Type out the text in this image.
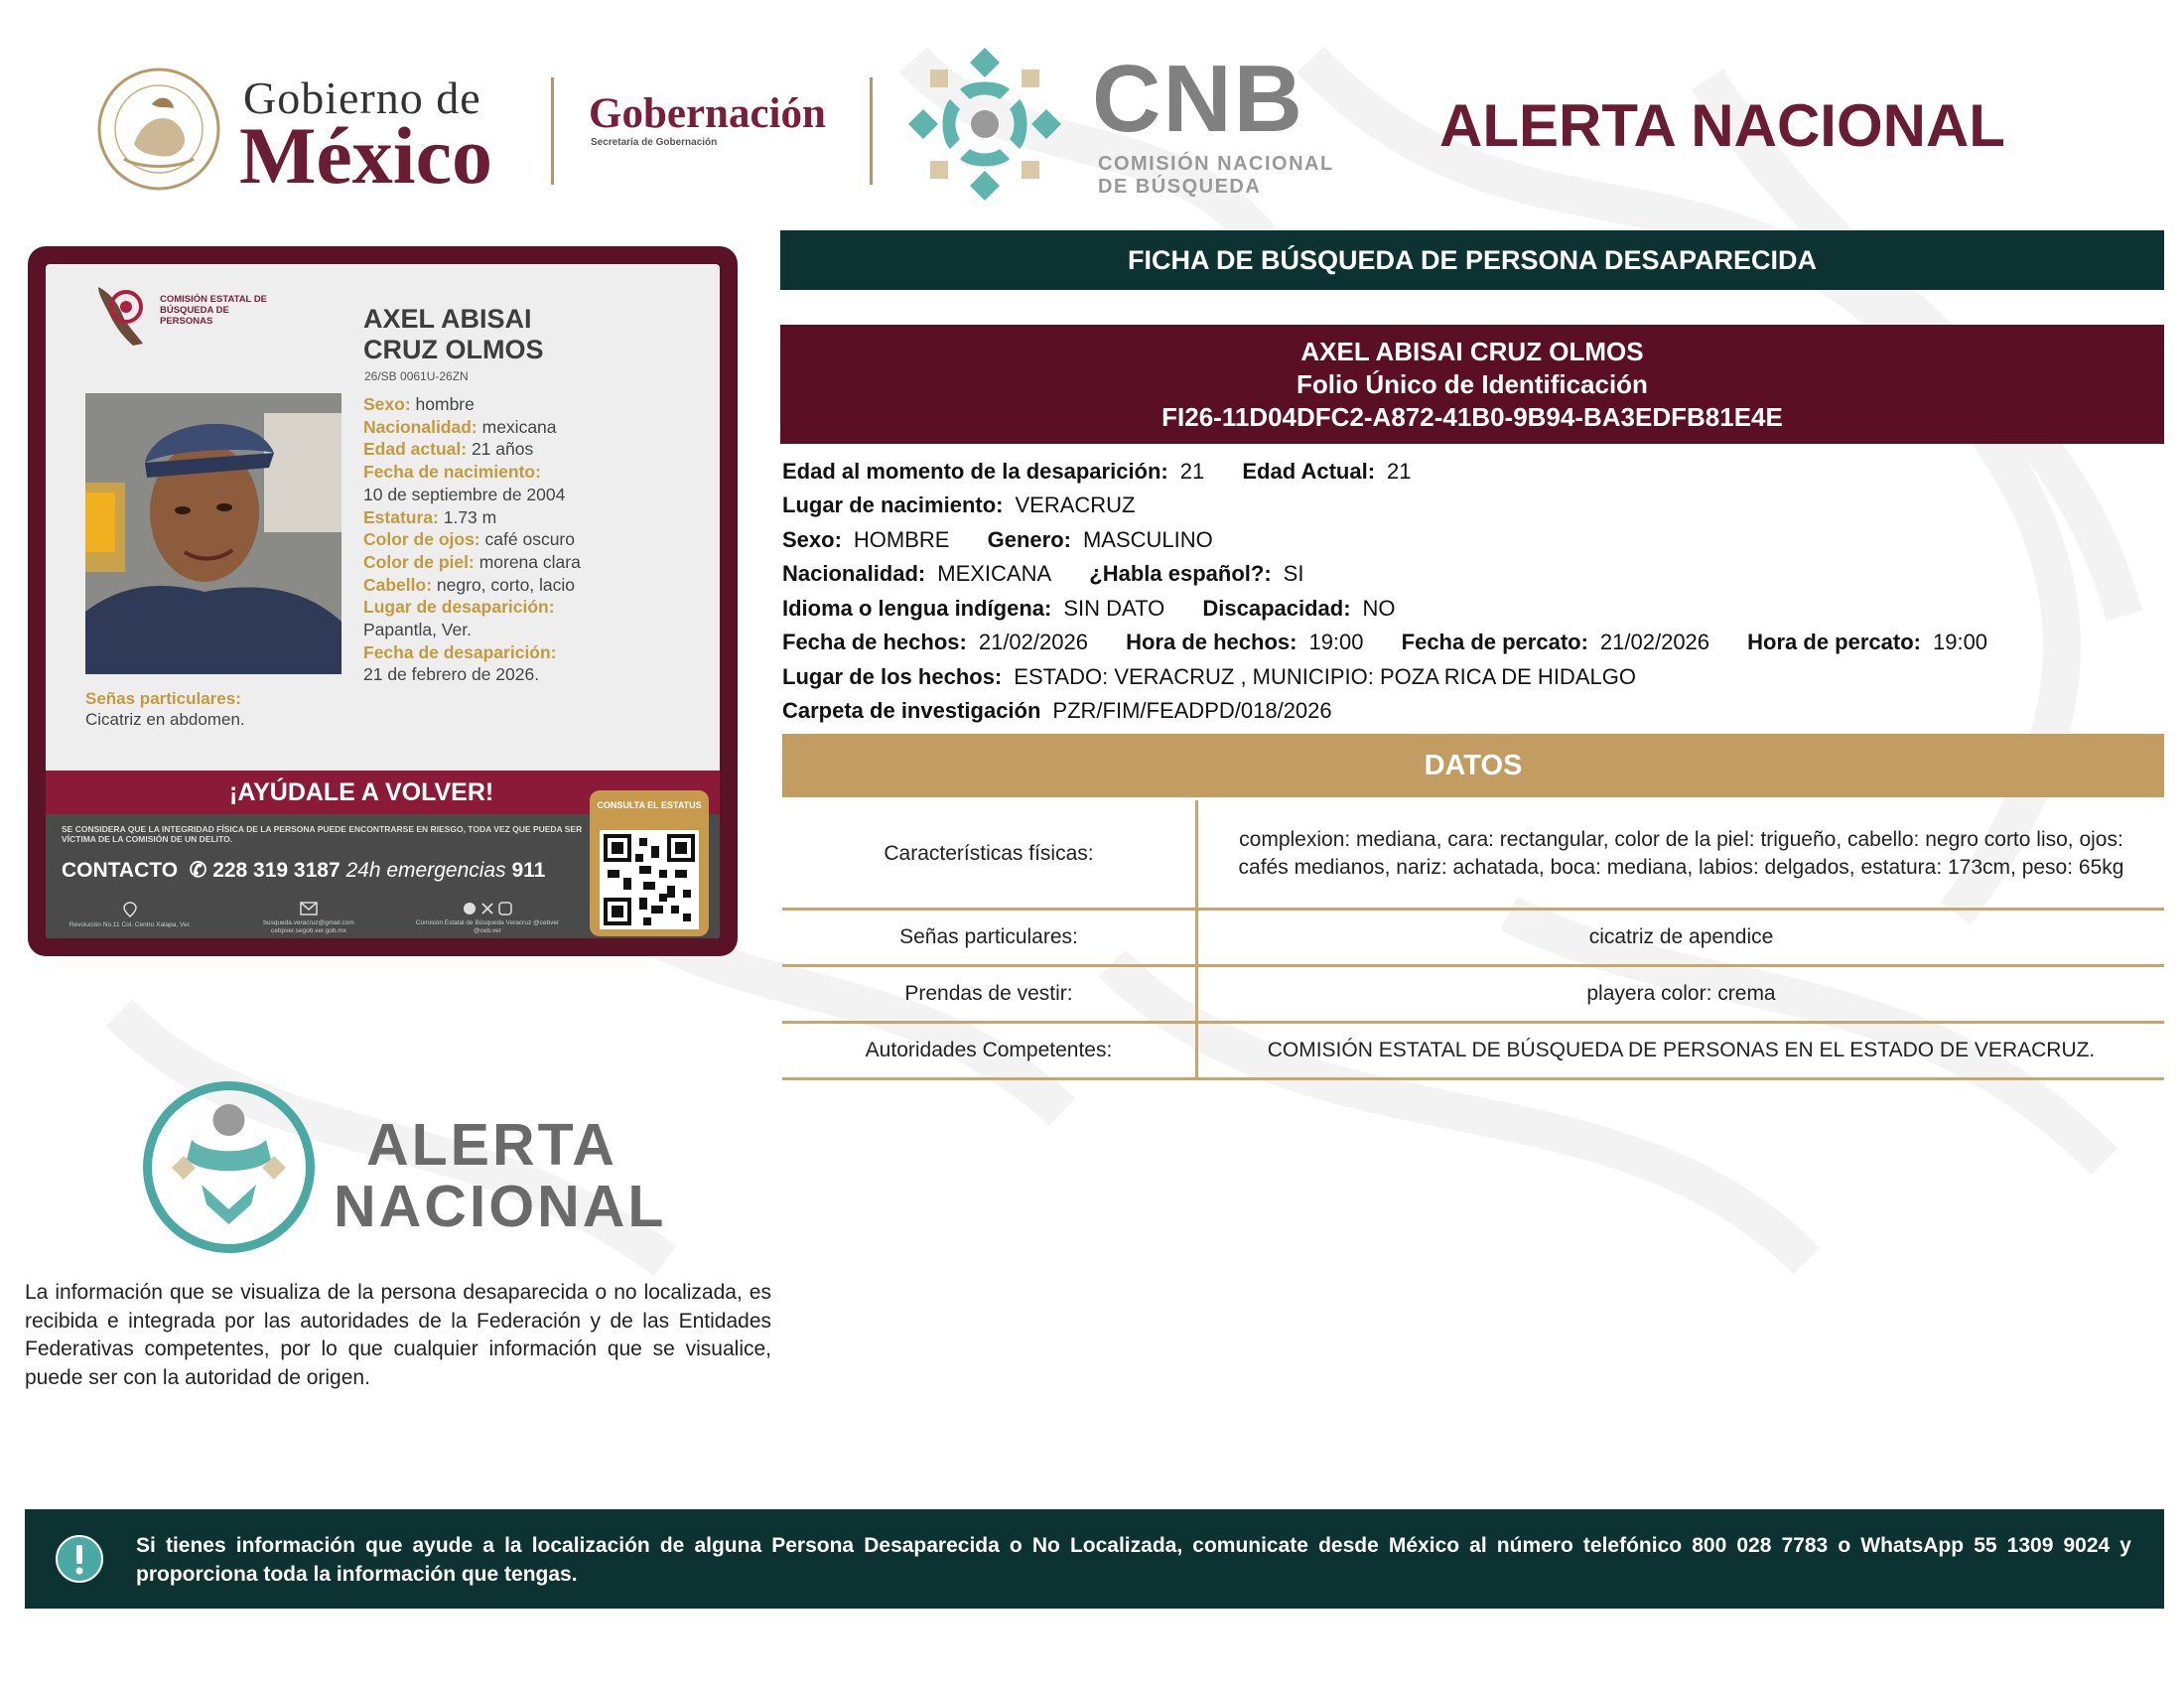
Gobierno de
México Gobernación
Secretaría de Gobernación	CNB
COMISIÓN NACIONAL
DE BÚSQUEDA
ALERTA NACIONAL
COMISIÓN ESTATAL DE BÚSQUEDA DE PERSONAS	AXEL ABISAI
CRUZ OLMOS
26/SB 0061U-26ZN
Sexo: hombre
Nacionalidad: mexicana
Edad actual: 21 años
Fecha de nacimiento:
10 de septiembre de 2004
Estatura: 1.73 m
Color de ojos: café oscuro
Color de piel: morena clara
Cabello: negro, corto, lacio
Lugar de desaparición:
Papantla, Ver.
Fecha de desaparición:
21 de febrero de 2026.
Señas particulares:
Cicatriz en abdomen.
¡AYÚDALE A VOLVER!
SE CONSIDERA QUE LA INTEGRIDAD FÍSICA DE LA PERSONA PUEDE ENCONTRARSE EN RIESGO, TODA VEZ QUE PUEDA SER VÍCTIMA DE LA COMISIÓN DE UN DELITO.
CONTACTO  ✆ 228 319 3187 24h emergencias 911
Revolución No.11 Col. Centro Xalapa, Ver.	busqueda.veracruz@gmail.com cebpver.segob.ver.gob.mx
Comisión Estatal de Búsqueda Veracruz @cebver @ceb.ver
CONSULTA EL ESTATUS
FICHA DE BÚSQUEDA DE PERSONA DESAPARECIDA
AXEL ABISAI CRUZ OLMOS
Folio Único de Identificación
FI26-11D04DFC2-A872-41B0-9B94-BA3EDFB81E4E
Edad al momento de la desaparición: 21 Edad Actual: 21
Lugar de nacimiento: VERACRUZ
Sexo: HOMBRE Genero: MASCULINO
Nacionalidad: MEXICANA ¿Habla español?: SI
Idioma o lengua indígena: SIN DATO Discapacidad: NO
Fecha de hechos: 21/02/2026 Hora de hechos: 19:00 Fecha de percato: 21/02/2026 Hora de percato: 19:00
Lugar de los hechos: ESTADO: VERACRUZ , MUNICIPIO: POZA RICA DE HIDALGO
Carpeta de investigación PZR/FIM/FEADPD/018/2026
DATOS
Características físicas:	complexion: mediana, cara: rectangular, color de la piel: trigueño, cabello: negro corto liso, ojos: cafés medianos, nariz: achatada, boca: mediana, labios: delgados, estatura: 173cm, peso: 65kg
Señas particulares:	cicatriz de apendice
Prendas de vestir:	playera color: crema
Autoridades Competentes:	COMISIÓN ESTATAL DE BÚSQUEDA DE PERSONAS EN EL ESTADO DE VERACRUZ.
ALERTA
NACIONAL
La información que se visualiza de la persona desaparecida o no localizada, es recibida e integrada por las autoridades de la Federación y de las Entidades Federativas competentes, por lo que cualquier información que se visualice, puede ser con la autoridad de origen.
Si tienes información que ayude a la localización de alguna Persona Desaparecida o No Localizada, comunicate desde México al número telefónico 800 028 7783 o WhatsApp 55 1309 9024 y proporciona toda la información que tengas.
